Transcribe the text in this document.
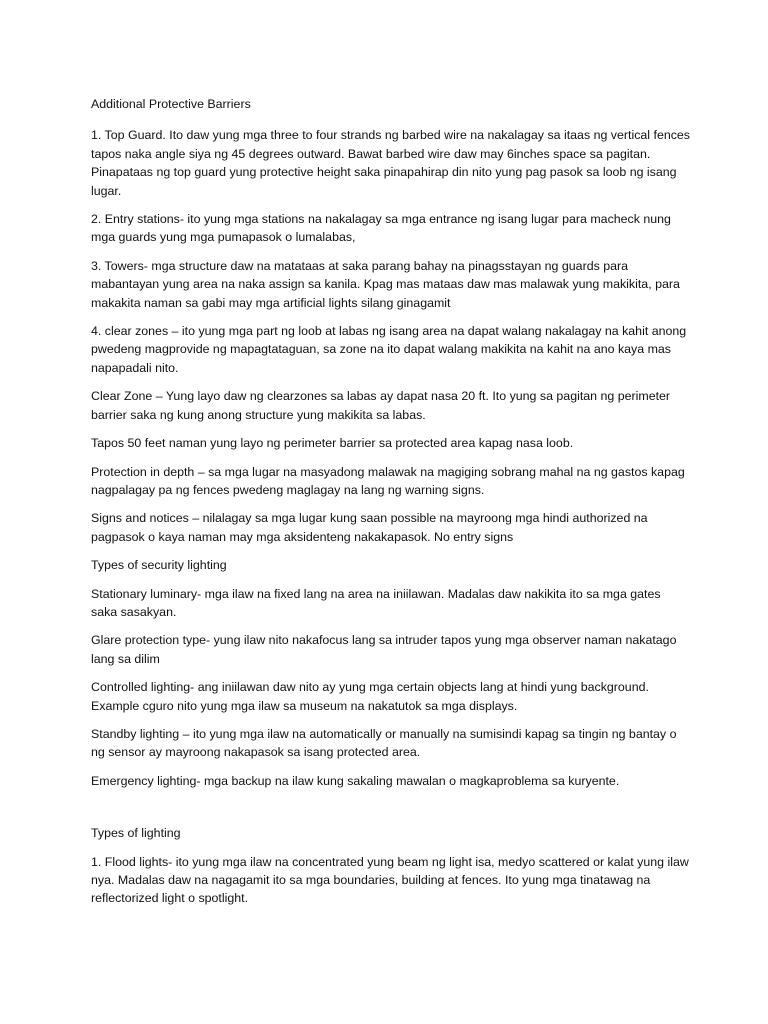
Additional Protective Barriers

1. Top Guard. Ito daw yung mga three to four strands ng barbed wire na nakalagay sa itaas ng vertical fences tapos naka angle siya ng 45 degrees outward. Bawat barbed wire daw may 6inches space sa pagitan. Pinapataas ng top guard yung protective height saka pinapahirap din nito yung pag pasok sa loob ng isang lugar.

2. Entry stations- ito yung mga stations na nakalagay sa mga entrance ng isang lugar para macheck nung mga guards yung mga pumapasok o lumalabas,

3. Towers- mga structure daw na matataas at saka parang bahay na pinagsstayan ng guards para mabantayan yung area na naka assign sa kanila. Kpag mas mataas daw mas malawak yung makikita, para makakita naman sa gabi may mga artificial lights silang ginagamit

4. clear zones – ito yung mga part ng loob at labas ng isang area na dapat walang nakalagay na kahit anong pwedeng magprovide ng mapagtataguan, sa zone na ito dapat walang makikita na kahit na ano kaya mas napapadali nito.

Clear Zone – Yung layo daw ng clearzones sa labas ay dapat nasa 20 ft. Ito yung sa pagitan ng perimeter barrier saka ng kung anong structure yung makikita sa labas.

Tapos 50 feet naman yung layo ng perimeter barrier sa protected area kapag nasa loob.

Protection in depth – sa mga lugar na masyadong malawak na magiging sobrang mahal na ng gastos kapag nagpalagay pa ng fences pwedeng maglagay na lang ng warning signs.

Signs and notices – nilalagay sa mga lugar kung saan possible na mayroong mga hindi authorized na pagpasok o kaya naman may mga aksidenteng nakakapasok. No entry signs

Types of security lighting

Stationary luminary- mga ilaw na fixed lang na area na iniilawan. Madalas daw nakikita ito sa mga gates saka sasakyan.

Glare protection type- yung ilaw nito nakafocus lang sa intruder tapos yung mga observer naman nakatago lang sa dilim

Controlled lighting- ang iniilawan daw nito ay yung mga certain objects lang at hindi yung background. Example cguro nito yung mga ilaw sa museum na nakatutok sa mga displays.

Standby lighting – ito yung mga ilaw na automatically or manually na sumisindi kapag sa tingin ng bantay o ng sensor ay mayroong nakapasok sa isang protected area.

Emergency lighting- mga backup na ilaw kung sakaling mawalan o magkaproblema sa kuryente.

Types of lighting

1. Flood lights- ito yung mga ilaw na concentrated yung beam ng light isa, medyo scattered or kalat yung ilaw nya. Madalas daw na nagagamit ito sa mga boundaries, building at fences. Ito yung mga tinatawag na reflectorized light o spotlight.
